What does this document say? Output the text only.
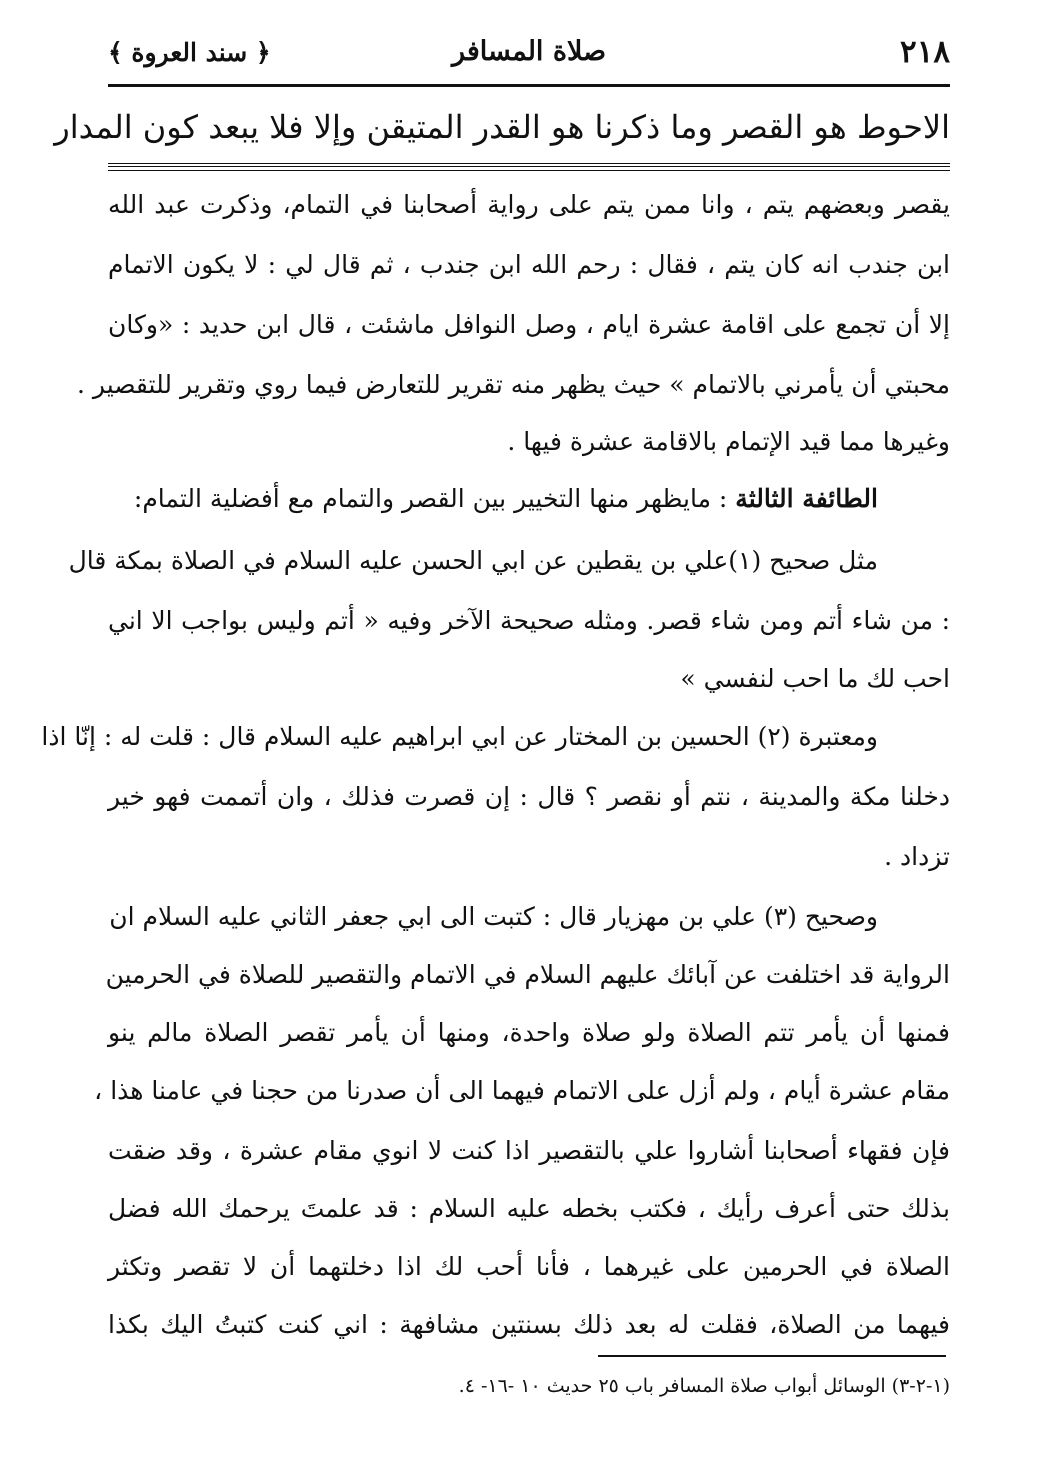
٢١٨
صلاة المسافر
﴿ سند العروة ﴾
الاحوط هو القصر وما ذكرنا هو القدر المتيقن وإلا فلا يبعد كون المدار
يقصر وبعضهم يتم ، وانا ممن يتم على رواية أصحابنا في التمام، وذكرت عبد الله
ابن جندب انه كان يتم ، فقال : رحم الله ابن جندب ، ثم قال لي : لا يكون الاتمام
إلا أن تجمع على اقامة عشرة ايام ، وصل النوافل ماشئت ، قال ابن حديد : «وكان
محبتي أن يأمرني بالاتمام » حيث يظهر منه تقرير للتعارض فيما روي وتقرير للتقصير .
وغيرها مما قيد الإتمام بالاقامة عشرة فيها .
الطائفة الثالثة : مايظهر منها التخيير بين القصر والتمام مع أفضلية التمام:
مثل صحيح (١)علي بن يقطين عن ابي الحسن عليه السلام في الصلاة بمكة قال
: من شاء أتم ومن شاء قصر. ومثله صحيحة الآخر وفيه « أتم وليس بواجب الا اني
احب لك ما احب لنفسي »
ومعتبرة (٢) الحسين بن المختار عن ابي ابراهيم عليه السلام قال : قلت له : إنّا اذا
دخلنا مكة والمدينة ، نتم أو نقصر ؟ قال : إن قصرت فذلك ، وان أتممت فهو خير
تزداد .
وصحيح (٣) علي بن مهزيار قال : كتبت الى ابي جعفر الثاني عليه السلام ان
الرواية قد اختلفت عن آبائك عليهم السلام في الاتمام والتقصير للصلاة في الحرمين
فمنها أن يأمر تتم الصلاة ولو صلاة واحدة، ومنها أن يأمر تقصر الصلاة مالم ينو
مقام عشرة أيام ، ولم أزل على الاتمام فيهما الى أن صدرنا من حجنا في عامنا هذا ،
فإن فقهاء أصحابنا أشاروا علي بالتقصير اذا كنت لا انوي مقام عشرة ، وقد ضقت
بذلك حتى أعرف رأيك ، فكتب بخطه عليه السلام : قد علمتَ يرحمك الله فضل
الصلاة في الحرمين على غيرهما ، فأنا أحب لك اذا دخلتهما أن لا تقصر وتكثر
فيهما من الصلاة، فقلت له بعد ذلك بسنتين مشافهة : اني كنت كتبتُ اليك بكذا
(١-٢-٣) الوسائل أبواب صلاة المسافر باب ٢٥ حديث ١٠ -١٦- ٤.
